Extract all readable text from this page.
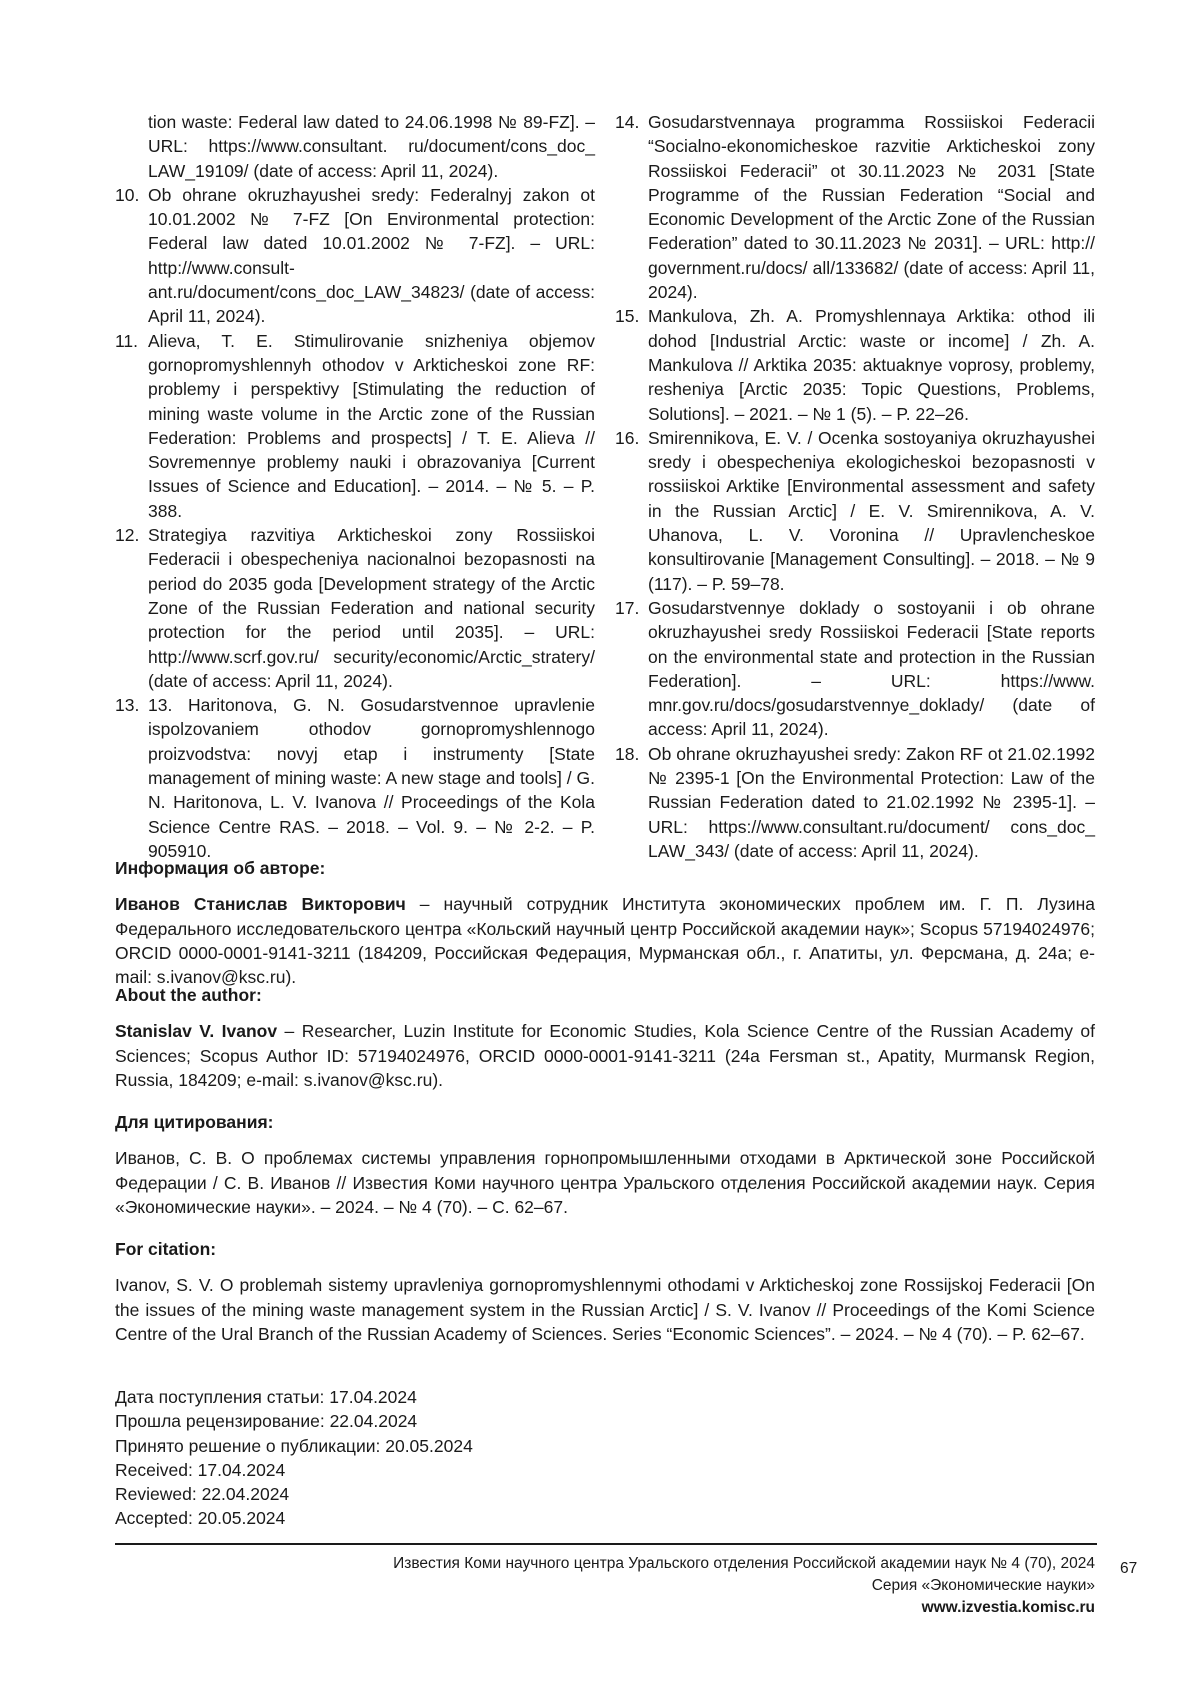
tion waste: Federal law dated to 24.06.1998 № 89-FZ]. – URL: https://www.consultant. ru/document/cons_doc_ LAW_19109/ (date of access: April 11, 2024).
10. Ob ohrane okruzhayushei sredy: Federalnyj zakon ot 10.01.2002 № 7-FZ [On Environmental protection: Federal law dated 10.01.2002 № 7-FZ]. – URL: http://www.consult-ant.ru/document/cons_doc_LAW_34823/ (date of access: April 11, 2024).
11. Alieva, T. E. Stimulirovanie snizheniya objemov gornopromyshlennyh othodov v Arkticheskoi zone RF: problemy i perspektivy [Stimulating the reduction of mining waste volume in the Arctic zone of the Russian Federation: Problems and prospects] / T. E. Alieva // Sovremennye problemy nauki i obrazovaniya [Current Issues of Science and Education]. – 2014. – № 5. – P. 388.
12. Strategiya razvitiya Arkticheskoi zony Rossiiskoi Federacii i obespecheniya nacionalnoi bezopasnosti na period do 2035 goda [Development strategy of the Arctic Zone of the Russian Federation and national security protection for the period until 2035]. – URL: http://www.scrf.gov.ru/ security/economic/Arctic_stratery/ (date of access: April 11, 2024).
13. 13. Haritonova, G. N. Gosudarstvennoe upravlenie ispolzovaniem othodov gornopromyshlennogo proizvodstva: novyj etap i instrumenty [State management of mining waste: A new stage and tools] / G. N. Haritonova, L. V. Ivanova // Proceedings of the Kola Science Centre RAS. – 2018. – Vol. 9. – № 2-2. – P. 905910.
14. Gosudarstvennaya programma Rossiiskoi Federacii “Socialno-ekonomicheskoe razvitie Arkticheskoi zony Rossiiskoi Federacii” ot 30.11.2023 № 2031 [State Programme of the Russian Federation “Social and Economic Development of the Arctic Zone of the Russian Federation” dated to 30.11.2023 № 2031]. – URL: http:// government.ru/docs/ all/133682/ (date of access: April 11, 2024).
15. Mankulova, Zh. A. Promyshlennaya Arktika: othod ili dohod [Industrial Arctic: waste or income] / Zh. A. Mankulova // Arktika 2035: aktuaknye voprosy, problemy, resheniya [Arctic 2035: Topic Questions, Problems, Solutions]. – 2021. – № 1 (5). – P. 22–26.
16. Smirennikova, E. V. / Ocenka sostoyaniya okruzhayushei sredy i obespecheniya ekologicheskoi bezopasnosti v rossiiskoi Arktike [Environmental assessment and safety in the Russian Arctic] / E. V. Smirennikova, A. V. Uhanova, L. V. Voronina // Upravlencheskoe konsultirovanie [Management Consulting]. – 2018. – № 9 (117). – P. 59–78.
17. Gosudarstvennye doklady o sostoyanii i ob ohrane okruzhayushei sredy Rossiiskoi Federacii [State reports on the environmental state and protection in the Russian Federation]. – URL: https://www. mnr.gov.ru/docs/gosudarstvennye_doklady/ (date of access: April 11, 2024).
18. Ob ohrane okruzhayushei sredy: Zakon RF ot 21.02.1992 № 2395-1 [On the Environmental Protection: Law of the Russian Federation dated to 21.02.1992 № 2395-1]. – URL: https://www.consultant.ru/document/ cons_doc_ LAW_343/ (date of access: April 11, 2024).
Информация об авторе:

Иванов Станислав Викторович – научный сотрудник Института экономических проблем им. Г. П. Лузина Федерального исследовательского центра «Кольский научный центр Российской академии наук»; Scopus 57194024976; ORCID 0000-0001-9141-3211 (184209, Российская Федерация, Мурманская обл., г. Апатиты, ул. Ферсмана, д. 24а; e-mail: s.ivanov@ksc.ru).

About the author:

Stanislav V. Ivanov – Researcher, Luzin Institute for Economic Studies, Kola Science Centre of the Russian Academy of Sciences; Scopus Author ID: 57194024976, ORCID 0000-0001-9141-3211 (24a Fersman st., Apatity, Murmansk Region, Russia, 184209; e-mail: s.ivanov@ksc.ru).

Для цитирования:

Иванов, С. В. О проблемах системы управления горнопромышленными отходами в Арктической зоне Российской Федерации / С. В. Иванов // Известия Коми научного центра Уральского отделения Российской академии наук. Серия «Экономические науки». – 2024. – № 4 (70). – С. 62–67.

For citation:

Ivanov, S. V. O problemah sistemy upravleniya gornopromyshlennymi othodami v Arkticheskoj zone Rossijskoj Federacii [On the issues of the mining waste management system in the Russian Arctic] / S. V. Ivanov // Proceedings of the Komi Science Centre of the Ural Branch of the Russian Academy of Sciences. Series “Economic Sciences”. – 2024. – № 4 (70). – P. 62–67.

Дата поступления статьи: 17.04.2024
Прошла рецензирование: 22.04.2024
Принято решение о публикации: 20.05.2024
Received: 17.04.2024
Reviewed: 22.04.2024
Accepted: 20.05.2024
Известия Коми научного центра Уральского отделения Российской академии наук № 4 (70), 2024
Серия «Экономические науки»
www.izvestia.komisc.ru
67
